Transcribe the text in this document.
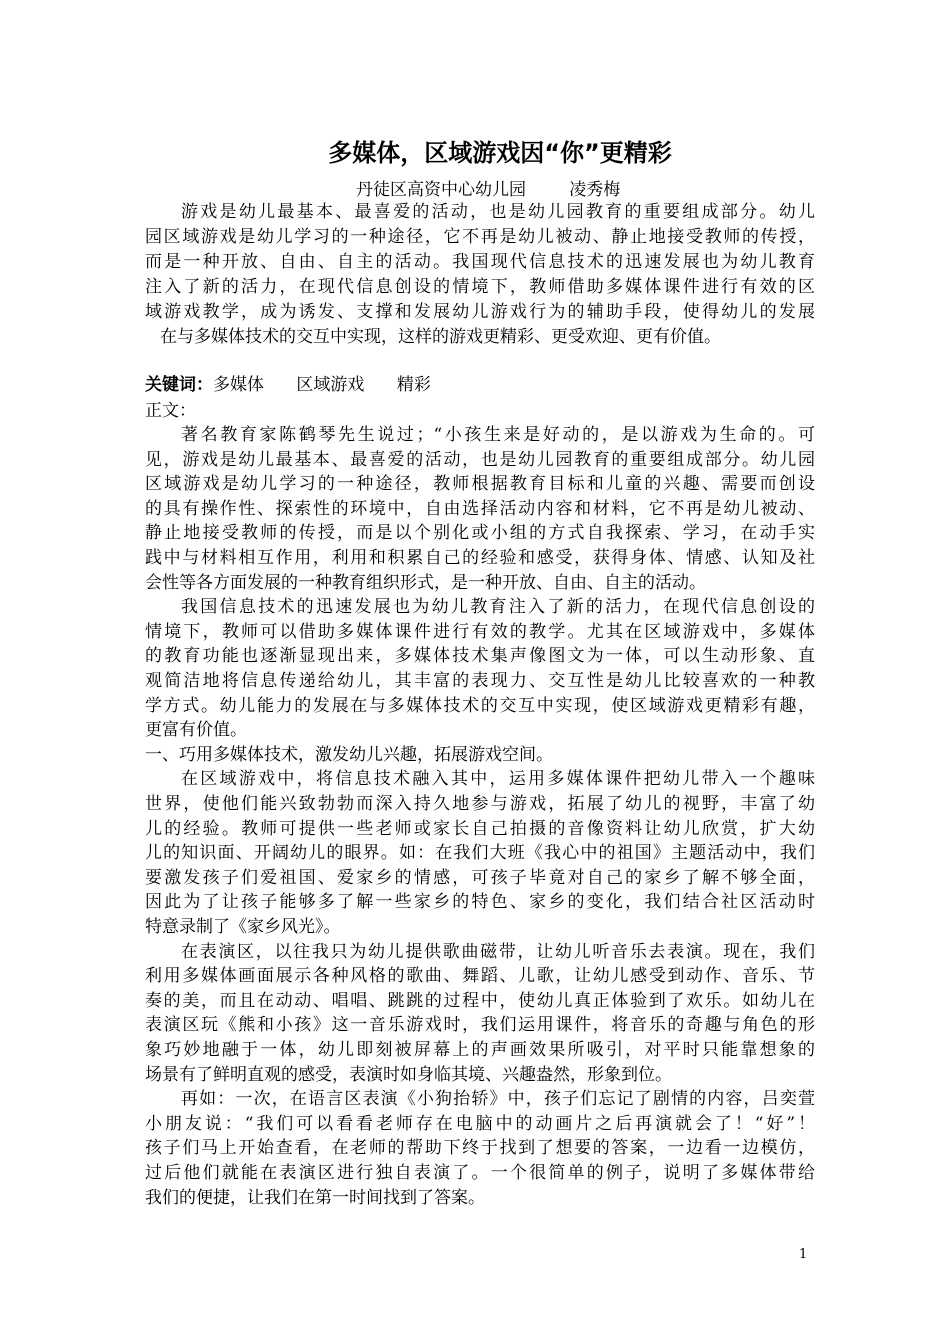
多媒体，区域游戏因“你”更精彩
丹徒区高资中心幼儿园        凌秀梅
游戏是幼儿最基本、最喜爱的活动，也是幼儿园教育的重要组成部分。幼儿
园区域游戏是幼儿学习的一种途径，它不再是幼儿被动、静止地接受教师的传授，
而是一种开放、自由、自主的活动。我国现代信息技术的迅速发展也为幼儿教育
注入了新的活力，在现代信息创设的情境下，教师借助多媒体课件进行有效的区
域游戏教学，成为诱发、支撑和发展幼儿游戏行为的辅助手段，使得幼儿的发展
在与多媒体技术的交互中实现，这样的游戏更精彩、更受欢迎、更有价值。
关键词：多媒体      区域游戏      精彩
正文：
著名教育家陈鹤琴先生说过；“小孩生来是好动的，是以游戏为生命的。可
见，游戏是幼儿最基本、最喜爱的活动，也是幼儿园教育的重要组成部分。幼儿园
区域游戏是幼儿学习的一种途径，教师根据教育目标和儿童的兴趣、需要而创设
的具有操作性、探索性的环境中，自由选择活动内容和材料，它不再是幼儿被动、
静止地接受教师的传授，而是以个别化或小组的方式自我探索、学习，在动手实
践中与材料相互作用，利用和积累自己的经验和感受，获得身体、情感、认知及社
会性等各方面发展的一种教育组织形式，是一种开放、自由、自主的活动。
我国信息技术的迅速发展也为幼儿教育注入了新的活力，在现代信息创设的
情境下，教师可以借助多媒体课件进行有效的教学。尤其在区域游戏中，多媒体
的教育功能也逐渐显现出来，多媒体技术集声像图文为一体，可以生动形象、直
观简洁地将信息传递给幼儿，其丰富的表现力、交互性是幼儿比较喜欢的一种教
学方式。幼儿能力的发展在与多媒体技术的交互中实现，使区域游戏更精彩有趣，
更富有价值。
一、巧用多媒体技术，激发幼儿兴趣，拓展游戏空间。
在区域游戏中，将信息技术融入其中，运用多媒体课件把幼儿带入一个趣味
世界，使他们能兴致勃勃而深入持久地参与游戏，拓展了幼儿的视野，丰富了幼
儿的经验。教师可提供一些老师或家长自己拍摄的音像资料让幼儿欣赏，扩大幼
儿的知识面、开阔幼儿的眼界。如：在我们大班《我心中的祖国》主题活动中，我们
要激发孩子们爱祖国、爱家乡的情感，可孩子毕竟对自己的家乡了解不够全面，
因此为了让孩子能够多了解一些家乡的特色、家乡的变化，我们结合社区活动时
特意录制了《家乡风光》。
在表演区，以往我只为幼儿提供歌曲磁带，让幼儿听音乐去表演。现在，我们
利用多媒体画面展示各种风格的歌曲、舞蹈、儿歌，让幼儿感受到动作、音乐、节
奏的美，而且在动动、唱唱、跳跳的过程中，使幼儿真正体验到了欢乐。如幼儿在
表演区玩《熊和小孩》这一音乐游戏时，我们运用课件，将音乐的奇趣与角色的形
象巧妙地融于一体，幼儿即刻被屏幕上的声画效果所吸引，对平时只能靠想象的
场景有了鲜明直观的感受，表演时如身临其境、兴趣盎然，形象到位。
再如：一次，在语言区表演《小狗抬轿》中，孩子们忘记了剧情的内容，吕奕萱
小朋友说：“我们可以看看老师存在电脑中的动画片之后再演就会了！“好”！
孩子们马上开始查看，在老师的帮助下终于找到了想要的答案，一边看一边模仿，
过后他们就能在表演区进行独自表演了。一个很简单的例子，说明了多媒体带给
我们的便捷，让我们在第一时间找到了答案。
1
